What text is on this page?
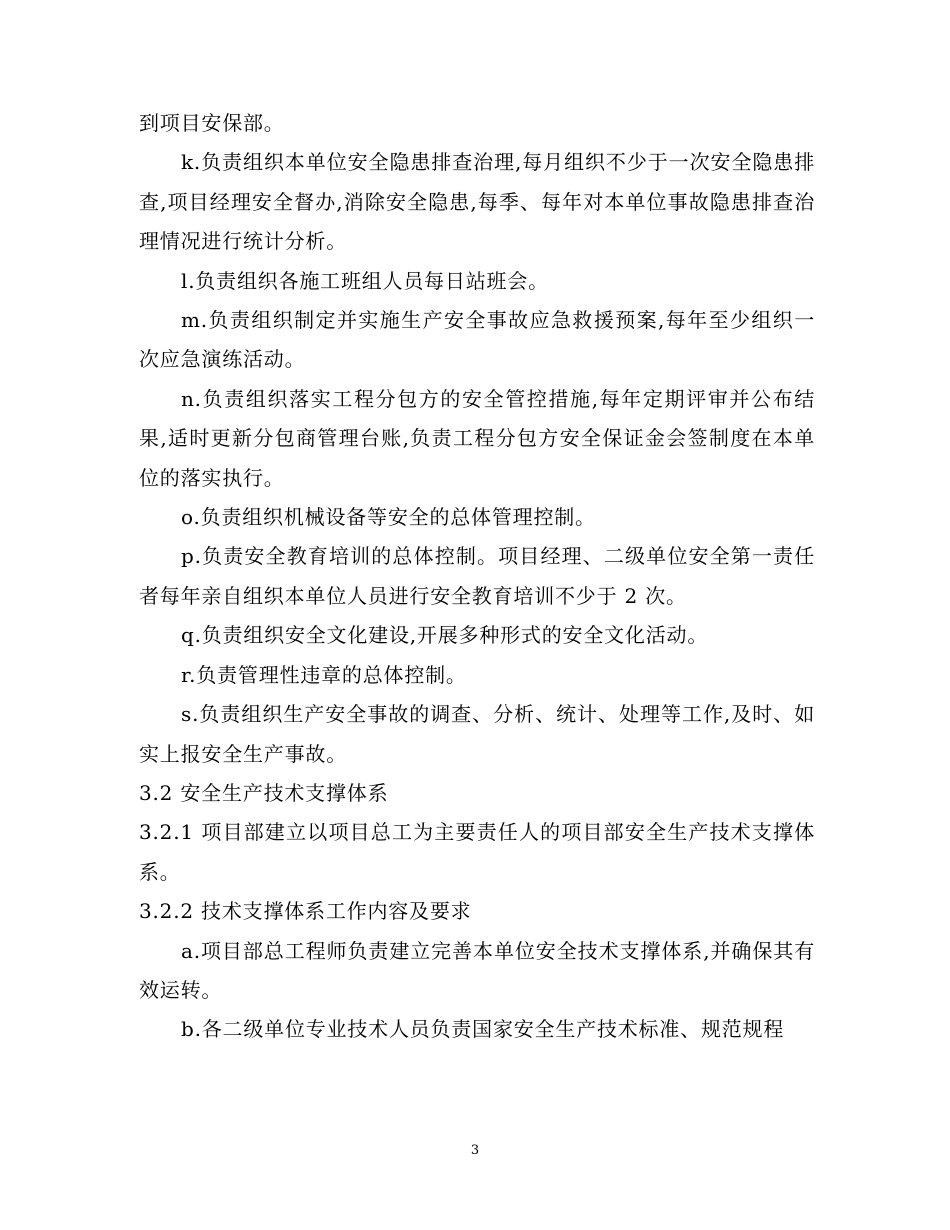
到项目安保部。

k.负责组织本单位安全隐患排查治理,每月组织不少于一次安全隐患排查,项目经理安全督办,消除安全隐患,每季、每年对本单位事故隐患排查治理情况进行统计分析。

l.负责组织各施工班组人员每日站班会。

m.负责组织制定并实施生产安全事故应急救援预案,每年至少组织一次应急演练活动。

n.负责组织落实工程分包方的安全管控措施,每年定期评审并公布结果,适时更新分包商管理台账,负责工程分包方安全保证金会签制度在本单位的落实执行。

o.负责组织机械设备等安全的总体管理控制。

p.负责安全教育培训的总体控制。项目经理、二级单位安全第一责任者每年亲自组织本单位人员进行安全教育培训不少于 2 次。

q.负责组织安全文化建设,开展多种形式的安全文化活动。

r.负责管理性违章的总体控制。

s.负责组织生产安全事故的调查、分析、统计、处理等工作,及时、如实上报安全生产事故。

3.2 安全生产技术支撑体系

3.2.1 项目部建立以项目总工为主要责任人的项目部安全生产技术支撑体系。

3.2.2 技术支撑体系工作内容及要求

a.项目部总工程师负责建立完善本单位安全技术支撑体系,并确保其有效运转。

b.各二级单位专业技术人员负责国家安全生产技术标准、规范规程

3
